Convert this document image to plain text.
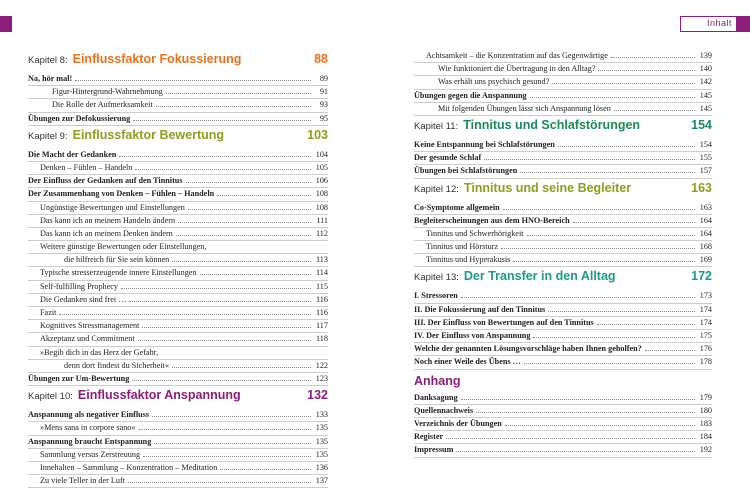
Inhalt
Kapitel 8: Einflussfaktor Fokussierung	88
Na, hör mal!	89
Figur-Hintergrund-Wahrnehmung	91
Die Rolle der Aufmerksamkeit	93
Übungen zur Defokussierung	95
Kapitel 9: Einflussfaktor Bewertung	103
Die Macht der Gedanken	104
Denken – Fühlen – Handeln	105
Der Einfluss der Gedanken auf den Tinnitus	106
Der Zusammenhang von Denken – Fühlen – Handeln	108
Ungünstige Bewertungen und Einstellungen	108
Das kann ich an meinem Handeln ändern	111
Das kann ich an meinem Denken ändern	112
Weitere günstige Bewertungen oder Einstellungen,
die hilfreich für Sie sein können	113
Typische stresserzeugende innere Einstellungen	114
Self-fulfilling Prophecy	115
Die Gedanken sind frei …	116
Fazit	116
Kognitives Stressmanagement	117
Akzeptanz und Commitment	118
»Begib dich in das Herz der Gefahr,
denn dort findest du Sicherheit«	122
Übungen zur Um-Bewertung	123
Kapitel 10: Einflussfaktor Anspannung	132
Anspannung als negativer Einfluss	133
»Mens sana in corpore sano«	135
Anspannung braucht Entspannung	135
Sammlung versus Zerstreuung	135
Innehalten – Sammlung – Konzentration – Meditation	136
Zu viele Teller in der Luft	137
Achtsamkeit – die Konzentration auf das Gegenwärtige	139
Wie funktioniert die Übertragung in den Alltag?	140
Was erhält uns psychisch gesund?	142
Übungen gegen die Anspannung	145
Mit folgenden Übungen lässt sich Anspannung lösen	145
Kapitel 11: Tinnitus und Schlafstörungen	154
Keine Entspannung bei Schlafstörungen	154
Der gesunde Schlaf	155
Übungen bei Schlafstörungen	157
Kapitel 12: Tinnitus und seine Begleiter	163
Co-Symptome allgemein	163
Begleiterscheinungen aus dem HNO-Bereich	164
Tinnitus und Schwerhörigkeit	164
Tinnitus und Hörsturz	168
Tinnitus und Hyperakusis	169
Kapitel 13: Der Transfer in den Alltag	172
I. Stressoren	173
II. Die Fokussierung auf den Tinnitus	174
III. Der Einfluss von Bewertungen auf den Tinnitus	174
IV. Der Einfluss von Anspannung	175
Welche der genannten Lösungsvorschläge haben Ihnen geholfen?	176
Noch einer Weile des Übens …	178
Anhang
Danksagung	179
Quellennachweis	180
Verzeichnis der Übungen	183
Register	184
Impressum	192
